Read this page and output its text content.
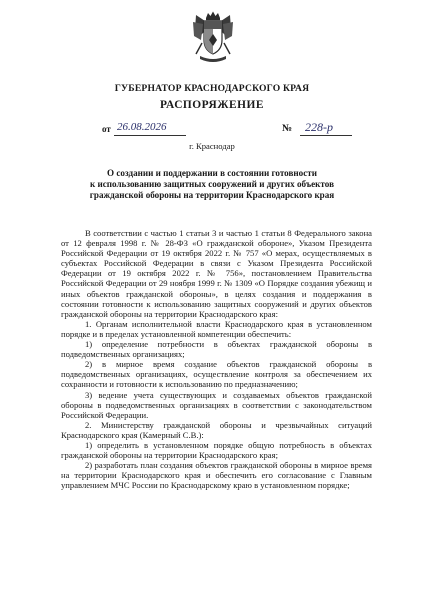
ГУБЕРНАТОР КРАСНОДАРСКОГО КРАЯ
РАСПОРЯЖЕНИЕ
от 26.08.2026	№ 228-р
г. Краснодар
О создании и поддержании в состоянии готовности
к использованию защитных сооружений и других объектов
гражданской обороны на территории Краснодарского края

В соответствии с частью 1 статьи 3 и частью 1 статьи 8 Федерального закона от 12 февраля 1998 г. № 28-ФЗ «О гражданской обороне», Указом Президента Российской Федерации от 19 октября 2022 г. № 757 «О мерах, осуществляемых в субъектах Российской Федерации в связи с Указом Президента Российской Федерации от 19 октября 2022 г. № 756», постановлением Правительства Российской Федерации от 29 ноября 1999 г. № 1309 «О Порядке создания убежищ и иных объектов гражданской обороны», в целях создания и поддержания в состоянии готовности к использованию защитных сооружений и других объектов гражданской обороны на территории Краснодарского края:

1. Органам исполнительной власти Краснодарского края в установленном порядке и в пределах установленной компетенции обеспечить:

1) определение потребности в объектах гражданской обороны в подведомственных организациях;

2) в мирное время создание объектов гражданской обороны в подведомственных организациях, осуществление контроля за обеспечением их сохранности и готовности к использованию по предназначению;

3) ведение учета существующих и создаваемых объектов гражданской обороны в подведомственных организациях в соответствии с законодательством Российской Федерации.

2. Министерству гражданской обороны и чрезвычайных ситуаций Краснодарского края (Камерный С.В.):

1) определить в установленном порядке общую потребность в объектах гражданской обороны на территории Краснодарского края;

2) разработать план создания объектов гражданской обороны в мирное время на территории Краснодарского края и обеспечить его согласование с Главным управлением МЧС России по Краснодарскому краю в установленном порядке;
